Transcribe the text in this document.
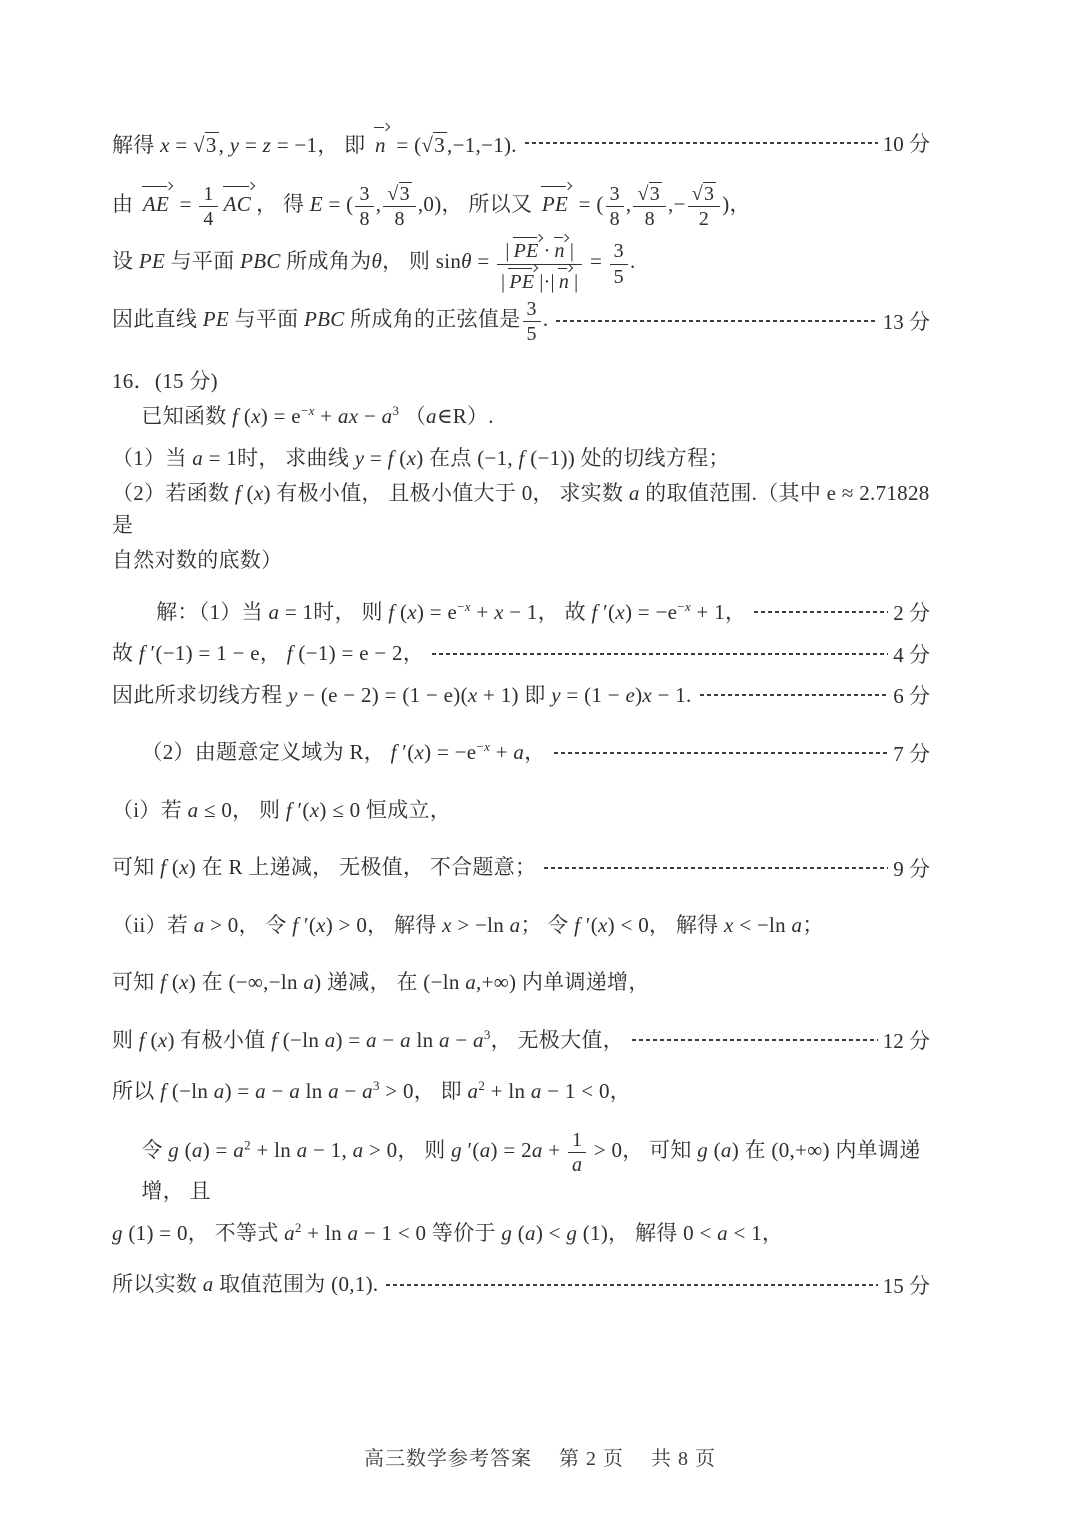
解得 x = √3, y = z = −1， 即 n = (√3,−1,−1).	10 分
由 AE = $\frac{1}{4}$ AC ， 得 E = ( $\frac{3}{8}$ , $\frac{√3}{8} ,0$)， 所以又 PE = ( $\frac{3}{8}$ , $\frac{√3}{8}$ ,− $\frac{√3}{2}$ )，
设 PE 与平面 PBC 所成角为θ， 则 $\sin\theta = \frac{| PE \cdot n |}{| PE |\cdot| n |} = \frac{3}{5}$ .
因此直线 PE 与平面 PBC 所成角的正弦值是 $\frac{3}{5}$ .	13 分
16．(15 分)
已知函数 f $(x) = e^{-x}$ + ax − $a^3$ （a∈R）.
（1）当 a = 1时， 求曲线 y = f (x) 在点 (−1, f (−1)) 处的切线方程；
（2）若函数 f (x) 有极小值， 且极小值大于 0， 求实数 a 的取值范围.（其中 e ≈ 2.71828 是
自然对数的底数）
解：（1）当 a = 1时， 则 f $(x) = e^{-x} + x - 1$， 故 f $'(x) = -e^{-x} + 1$，	2 分
故 f ′(−1) = 1 − e， f (−1) = e − 2，	4 分
因此所求切线方程 y − (e − 2) = (1 − e)(x + 1) 即 y = (1 − e)x − 1.	6 分
（2）由题意定义域为 R， f $'(x) = -e^{-x} + a$，	7 分
（i）若 a ≤ 0， 则 f ′(x) ≤ 0 恒成立，
可知 f (x) 在 R 上递减， 无极值， 不合题意；	9 分
（ii）若 a > 0， 令 f ′(x) > 0， 解得 x > −ln a； 令 f ′(x) < 0， 解得 x < −ln a；
可知 f (x) 在 (−∞,−ln a) 递减， 在 (−ln a,+∞) 内单调递增，
则 f (x) 有极小值 f (−ln a) = a − a $\ln a - a^3$， 无极大值，	12 分
所以 f (−ln a) = a − a $\ln a - a^3 > 0$， 即 $a^2 + \ln a - 1 < 0$，
令 g $(a) = a^2 + \ln a - 1$, a > 0， 则 g $'(a) = 2a + \frac{1}{a} > 0$， 可知 g (a) 在 (0,+∞) 内单调递增， 且
g (1) = 0， 不等式 $a^2 + \ln a - 1 < 0$ 等价于 g (a) < g (1)， 解得 0 < a < 1，
所以实数 a 取值范围为 (0,1).	15 分
高三数学参考答案　 第 2 页　 共 8 页
